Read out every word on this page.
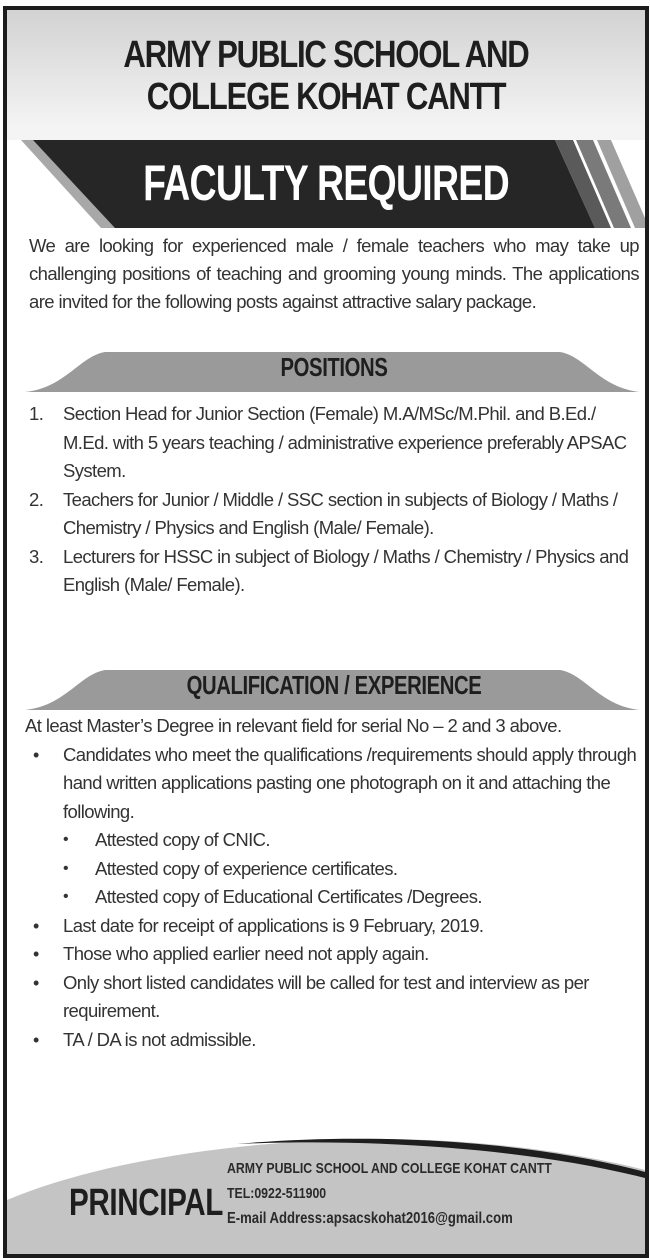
ARMY PUBLIC SCHOOL AND
COLLEGE KOHAT CANTT
FACULTY REQUIRED
We are looking for experienced male / female teachers who may take up challenging positions of teaching and grooming young minds. The applications are invited for the following posts against attractive salary package.
POSITIONS
1. Section Head for Junior Section (Female) M.A/MSc/M.Phil. and B.Ed./ M.Ed. with 5 years teaching / administrative experience preferably APSAC System.
2. Teachers for Junior / Middle / SSC section in subjects of Biology / Maths / Chemistry / Physics and English (Male/ Female).
3. Lecturers for HSSC in subject of Biology / Maths / Chemistry / Physics and English (Male/ Female).
QUALIFICATION / EXPERIENCE
At least Master’s Degree in relevant field for serial No – 2 and 3 above.
• Candidates who meet the qualifications /requirements should apply through hand written applications pasting one photograph on it and attaching the following.
• Attested copy of CNIC.
• Attested copy of experience certificates.
• Attested copy of Educational Certificates /Degrees.
• Last date for receipt of applications is 9 February, 2019.
• Those who applied earlier need not apply again.
• Only short listed candidates will be called for test and interview as per requirement.
• TA / DA is not admissible.
PRINCIPAL
ARMY PUBLIC SCHOOL AND COLLEGE KOHAT CANTT
TEL:0922-511900
E-mail Address:apsacskohat2016@gmail.com
